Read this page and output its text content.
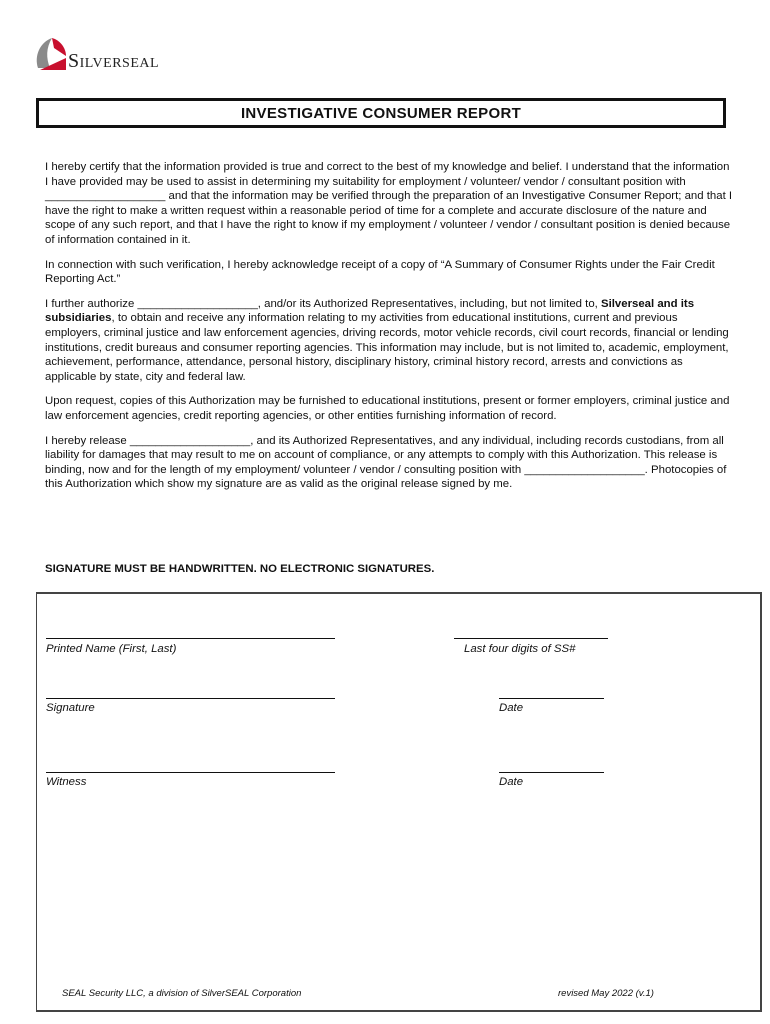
SILVERSEAL
INVESTIGATIVE CONSUMER REPORT

I hereby certify that the information provided is true and correct to the best of my knowledge and belief. I understand that the information I have provided may be used to assist in determining my suitability for employment / volunteer/ vendor / consultant position with ___________________ and that the information may be verified through the preparation of an Investigative Consumer Report; and that I have the right to make a written request within a reasonable period of time for a complete and accurate disclosure of the nature and scope of any such report, and that I have the right to know if my employment / volunteer / vendor / consultant position is denied because of information contained in it.

In connection with such verification, I hereby acknowledge receipt of a copy of “A Summary of Consumer Rights under the Fair Credit Reporting Act.”

I further authorize ___________________, and/or its Authorized Representatives, including, but not limited to, Silverseal and its subsidiaries, to obtain and receive any information relating to my activities from educational institutions, current and previous employers, criminal justice and law enforcement agencies, driving records, motor vehicle records, civil court records, financial or lending institutions, credit bureaus and consumer reporting agencies. This information may include, but is not limited to, academic, employment, achievement, performance, attendance, personal history, disciplinary history, criminal history record, arrests and convictions as applicable by state, city and federal law.

Upon request, copies of this Authorization may be furnished to educational institutions, present or former employers, criminal justice and law enforcement agencies, credit reporting agencies, or other entities furnishing information of record.

I hereby release ___________________, and its Authorized Representatives, and any individual, including records custodians, from all liability for damages that may result to me on account of compliance, or any attempts to comply with this Authorization. This release is binding, now and for the length of my employment/ volunteer / vendor / consulting position with ___________________. Photocopies of this Authorization which show my signature are as valid as the original release signed by me.

SIGNATURE MUST BE HANDWRITTEN. NO ELECTRONIC SIGNATURES.
Printed Name (First, Last)	Last four digits of SS#
Signature	Date
Witness	Date
SEAL Security LLC, a division of SilverSEAL Corporation	revised May 2022 (v.1)
